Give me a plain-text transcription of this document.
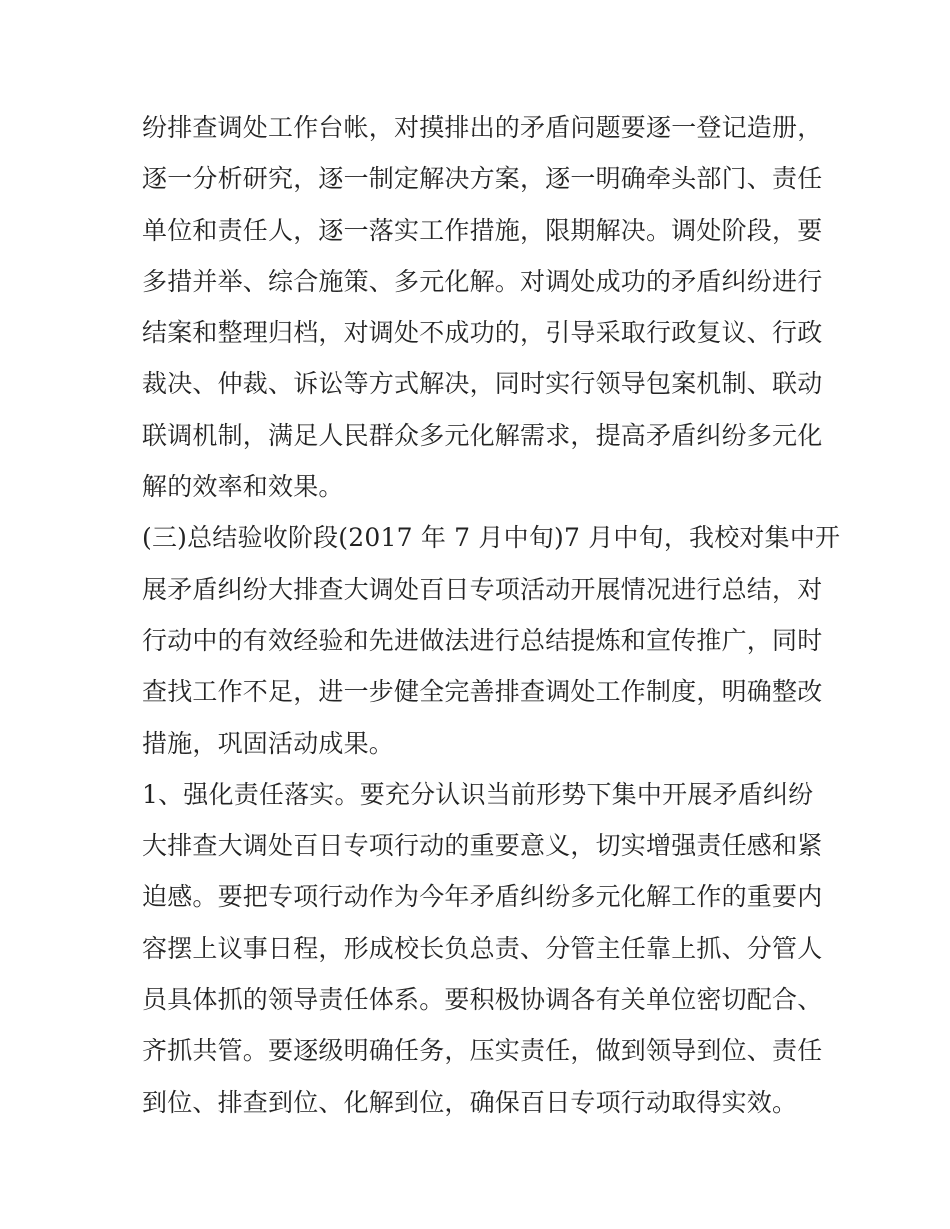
纷排查调处工作台帐，对摸排出的矛盾问题要逐一登记造册，
逐一分析研究，逐一制定解决方案，逐一明确牵头部门、责任
单位和责任人，逐一落实工作措施，限期解决。调处阶段，要
多措并举、综合施策、多元化解。对调处成功的矛盾纠纷进行
结案和整理归档，对调处不成功的，引导采取行政复议、行政
裁决、仲裁、诉讼等方式解决，同时实行领导包案机制、联动
联调机制，满足人民群众多元化解需求，提高矛盾纠纷多元化
解的效率和效果。
(三)总结验收阶段(2017 年 7 月中旬)7 月中旬，我校对集中开
展矛盾纠纷大排查大调处百日专项活动开展情况进行总结，对
行动中的有效经验和先进做法进行总结提炼和宣传推广，同时
查找工作不足，进一步健全完善排查调处工作制度，明确整改
措施，巩固活动成果。
1、强化责任落实。要充分认识当前形势下集中开展矛盾纠纷
大排查大调处百日专项行动的重要意义，切实增强责任感和紧
迫感。要把专项行动作为今年矛盾纠纷多元化解工作的重要内
容摆上议事日程，形成校长负总责、分管主任靠上抓、分管人
员具体抓的领导责任体系。要积极协调各有关单位密切配合、
齐抓共管。要逐级明确任务，压实责任，做到领导到位、责任
到位、排查到位、化解到位，确保百日专项行动取得实效。
